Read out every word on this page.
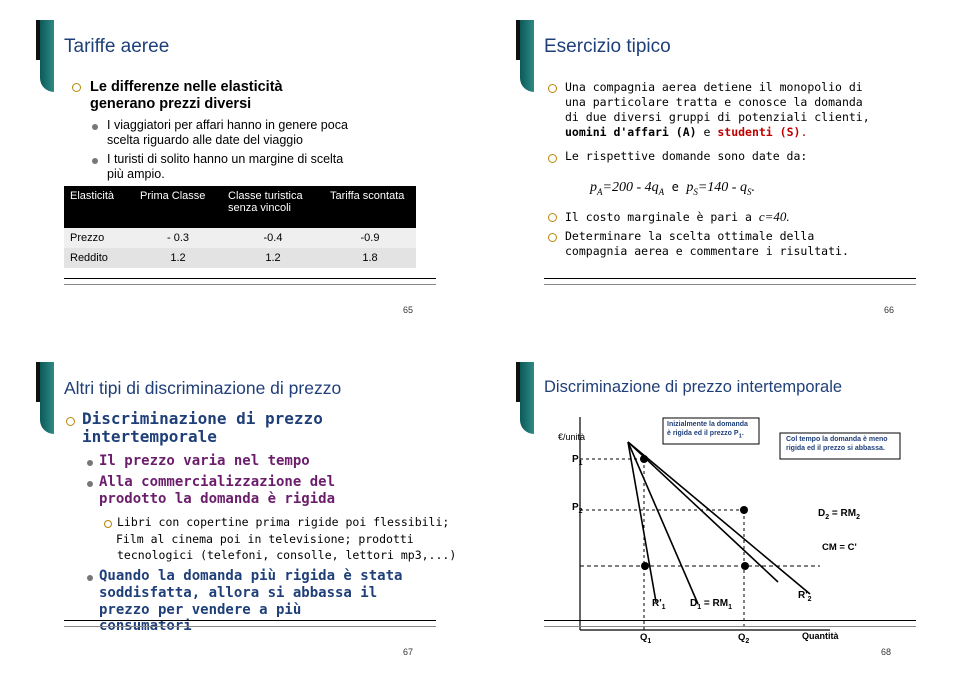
Tariffe aeree
Le differenze nelle elasticità
generano prezzi diversi
I viaggiatori per affari hanno in genere poca
scelta riguardo alle date del viaggio
I turisti di solito hanno un margine di scelta
più ampio.
Elasticità	Prima Classe	Classe turistica senza vincoli	Tariffa scontata
Prezzo	- 0.3	-0.4	-0.9
Reddito	1.2	1.2	1.8
65
Esercizio tipico
Una compagnia aerea detiene il monopolio di
una particolare tratta e conosce la domanda
di due diversi gruppi di potenziali clienti,
uomini d'affari (A) e studenti (S).
Le rispettive domande sono date da:
$p_A=200 - 4q_A$ e $p_S=140 - q_S$.
Il costo marginale è pari a c=40.
Determinare la scelta ottimale della
compagnia aerea e commentare i risultati.
66
Altri tipi di discriminazione di prezzo
Discriminazione di prezzo
intertemporale
Il prezzo varia nel tempo
Alla commercializzazione del
prodotto la domanda è rigida
Libri con copertine prima rigide poi flessibili;
Film al cinema poi in televisione; prodotti
tecnologici (telefoni, consolle, lettori mp3,...)
Quando la domanda più rigida è stata
soddisfatta, allora si abbassa il
prezzo per vendere a più
consumatori
67
Discriminazione di prezzo intertemporale
Inizialmente la domanda
è rigida ed il prezzo $P_1$.
Col tempo la domanda è meno
rigida ed il prezzo si abbassa.
€/unità
$P_1$
$P_2$	$D_2 = RM_2$
CM = C'
$R'_2$
$R'_1$ $D_1 = RM_1$
$Q_1$	$Q_2$
Quantità
68
